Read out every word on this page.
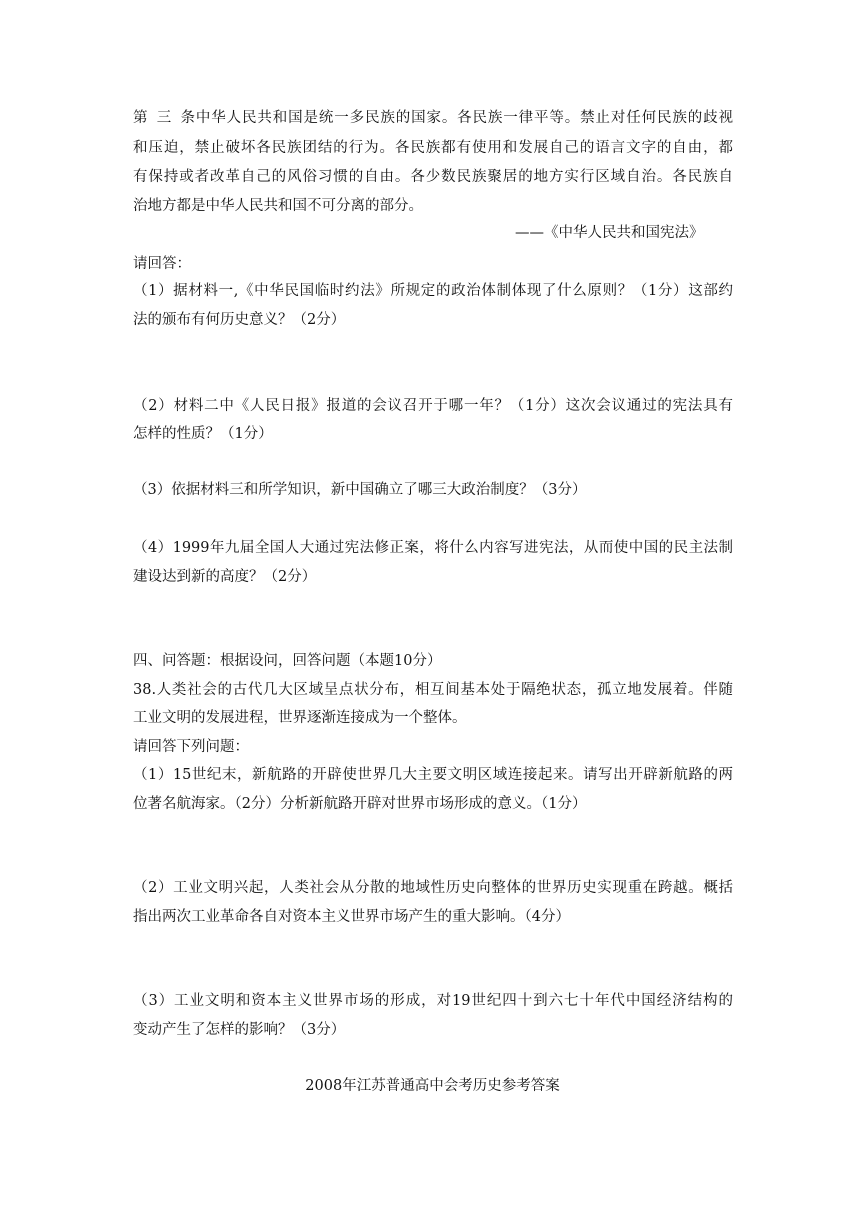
第三条中华人民共和国是统一多民族的国家。各民族一律平等。禁止对任何民族的歧视
和压迫，禁止破坏各民族团结的行为。各民族都有使用和发展自己的语言文字的自由，都
有保持或者改革自己的风俗习惯的自由。各少数民族聚居的地方实行区域自治。各民族自
治地方都是中华人民共和国不可分离的部分。
——《中华人民共和国宪法》
请回答：
（1）据材料一,《中华民国临时约法》所规定的政治体制体现了什么原则？（1分）这部约
法的颁布有何历史意义？（2分）
（2）材料二中《人民日报》报道的会议召开于哪一年？（1分）这次会议通过的宪法具有
怎样的性质？（1分）
（3）依据材料三和所学知识，新中国确立了哪三大政治制度？（3分）
（4）1999年九届全国人大通过宪法修正案，将什么内容写进宪法，从而使中国的民主法制
建设达到新的高度？（2分）
四、问答题：根据设问，回答问题（本题10分）
38.人类社会的古代几大区域呈点状分布，相互间基本处于隔绝状态，孤立地发展着。伴随
工业文明的发展进程，世界逐渐连接成为一个整体。
请回答下列问题：
（1）15世纪末，新航路的开辟使世界几大主要文明区域连接起来。请写出开辟新航路的两
位著名航海家。（2分）分析新航路开辟对世界市场形成的意义。（1分）
（2）工业文明兴起，人类社会从分散的地域性历史向整体的世界历史实现重在跨越。概括
指出两次工业革命各自对资本主义世界市场产生的重大影响。（4分）
（3）工业文明和资本主义世界市场的形成，对19世纪四十到六七十年代中国经济结构的
变动产生了怎样的影响？（3分）
2008年江苏普通高中会考历史参考答案
